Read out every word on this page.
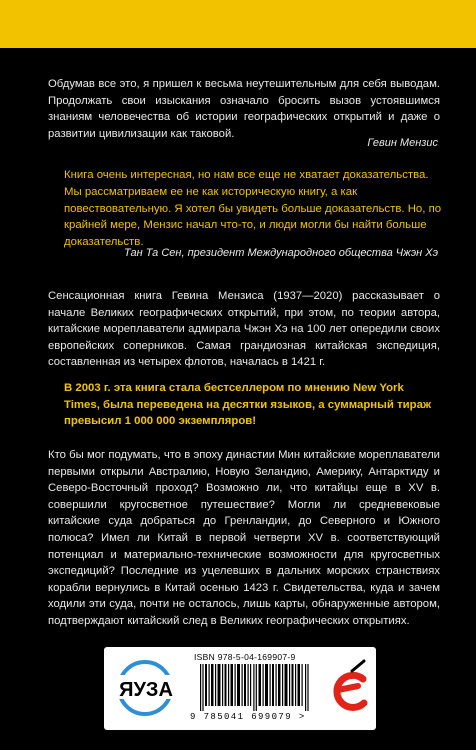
Обдумав все это, я пришел к весьма неутешительным для себя выводам. Продолжать свои изыскания означало бросить вызов устоявшимся знаниям человечества об истории географических открытий и даже о развитии цивилизации как таковой.

Гевин Мензис

Книга очень интересная, но нам все еще не хватает доказательства. Мы рассматриваем ее не как историческую книгу, а как повествовательную. Я хотел бы увидеть больше доказательств. Но, по крайней мере, Мензис начал что-то, и люди могли бы найти больше доказательств.

Тан Та Сен, президент Международного общества Чжэн Хэ

Сенсационная книга Гевина Мензиса (1937—2020) рассказывает о начале Великих географических открытий, при этом, по теории автора, китайские мореплаватели адмирала Чжэн Хэ на 100 лет опередили своих европейских соперников. Самая грандиозная китайская экспедиция, составленная из четырех флотов, началась в 1421 г.

В 2003 г. эта книга стала бестселлером по мнению New York Times, была переведена на десятки языков, а суммарный тираж превысил 1 000 000 экземпляров!

Кто бы мог подумать, что в эпоху династии Мин китайские мореплаватели первыми открыли Австралию, Новую Зеландию, Америку, Антарктиду и Северо-Восточный проход? Возможно ли, что китайцы еще в XV в. совершили кругосветное путешествие? Могли ли средневековые китайские суда добраться до Гренландии, до Северного и Южного полюса? Имел ли Китай в первой четверти XV в. соответствующий потенциал и материально-технические возможности для кругосветных экспедиций? Последние из уцелевших в дальних морских странствиях корабли вернулись в Китай осенью 1423 г. Свидетельства, куда и зачем ходили эти суда, почти не осталось, лишь карты, обнаруженные автором, подтверждают китайский след в Великих географических открытиях.

ЯУЗА
ISBN 978-5-04-169907-9
9 785041 699079 >
